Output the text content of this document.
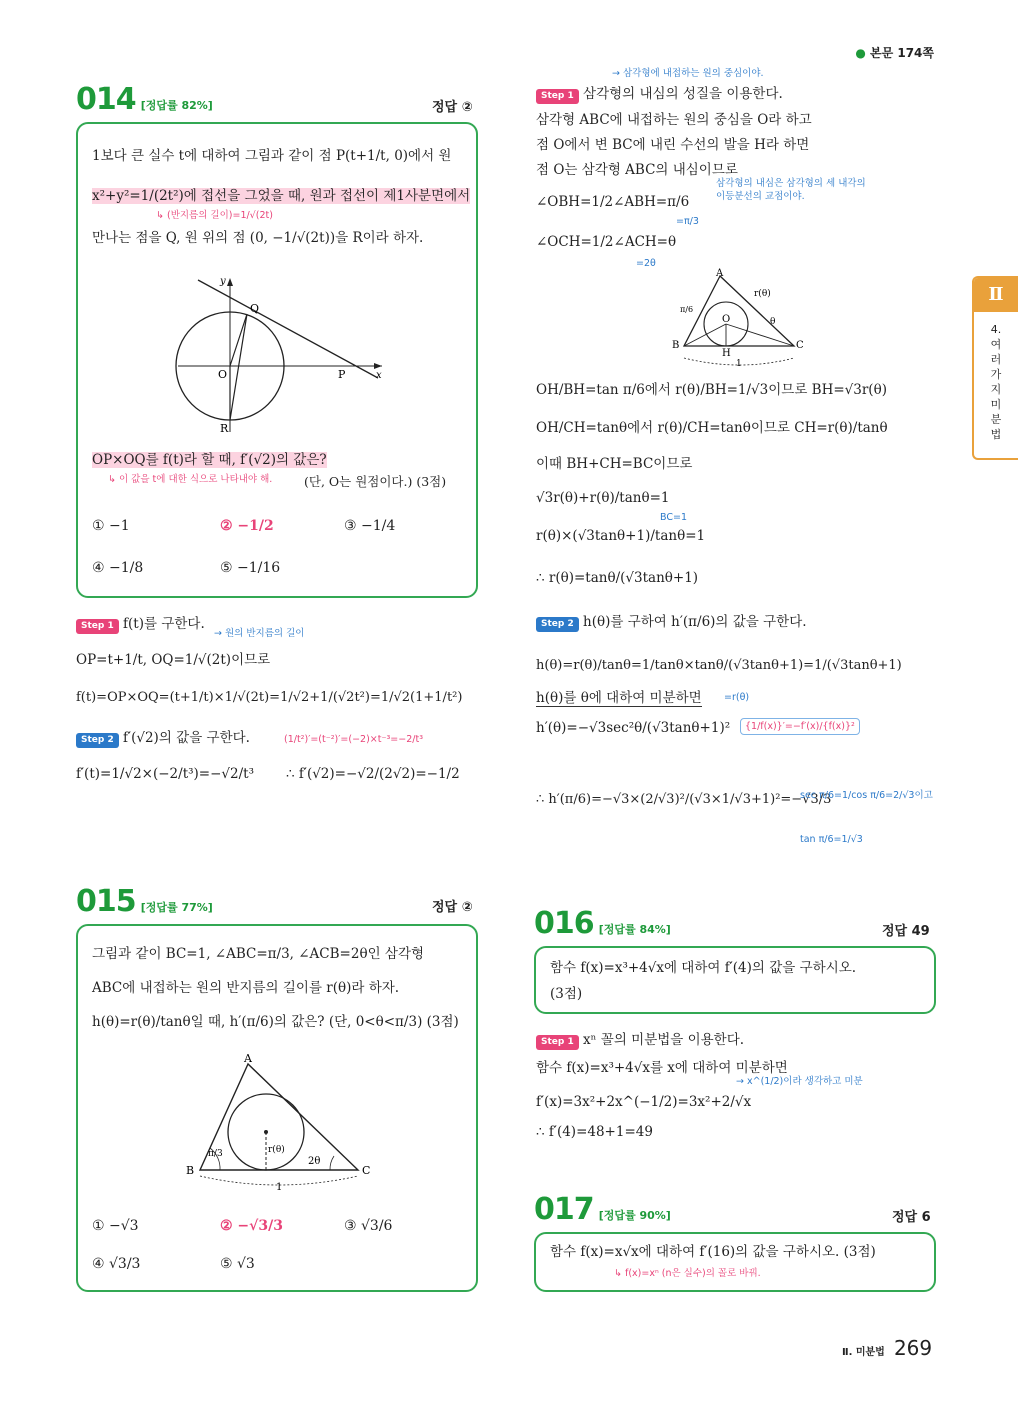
● 본문 174쪽
Ⅱ
4.여러가지미분법
014 [정답률 82%]	정답 ②
1보다 큰 실수 t에 대하여 그림과 같이 점 P(t+1/t, 0)에서 원
x²+y²=1/(2t²)에 접선을 그었을 때, 원과 접선이 제1사분면에서
↳ (반지름의 길이)=1/√(2t)
만나는 점을 Q, 원 위의 점 (0, −1/√(2t))을 R이라 하자.
y
x
O	P
Q
R
OP×OQ를 f(t)라 할 때, f′(√2)의 값은?
↳ 이 값을 t에 대한 식으로 나타내야 해.	(단, O는 원점이다.) (3점)
① −1	② −1/2	③ −1/4
④ −1/8	⑤ −1/16
Step 1 f(t)를 구한다.
→ 원의 반지름의 길이
OP=t+1/t, OQ=1/√(2t)이므로
f(t)=OP×OQ=(t+1/t)×1/√(2t)=1/√2+1/(√2t²)=1/√2(1+1/t²)
Step 2 f′(√2)의 값을 구한다.	(1/t²)′=(t⁻²)′=(−2)×t⁻³=−2/t³
f′(t)=1/√2×(−2/t³)=−√2/t³ ∴ f′(√2)=−√2/(2√2)=−1/2
015 [정답률 77%]	정답 ②
그림과 같이 BC=1, ∠ABC=π/3, ∠ACB=2θ인 삼각형
ABC에 내접하는 원의 반지름의 길이를 r(θ)라 하자.
h(θ)=r(θ)/tanθ일 때, h′(π/6)의 값은? (단, 0<θ<π/3) (3점)
A
B	C
π/3
2θ
r(θ)
1
① −√3	② −√3/3	③ √3/6
④ √3/3	⑤ √3
→ 삼각형에 내접하는 원의 중심이야.
Step 1 삼각형의 내심의 성질을 이용한다.
삼각형 ABC에 내접하는 원의 중심을 O라 하고
점 O에서 변 BC에 내린 수선의 발을 H라 하면
점 O는 삼각형 ABC의 내심이므로
삼각형의 내심은 삼각형의 세 내각의
이등분선의 교점이야.
∠OBH=1/2∠ABH=π/6
=π/3
∠OCH=1/2∠ACH=θ
=2θ
A
B	C
O
H
r(θ)
π/6
θ
1
OH/BH=tan π/6에서 r(θ)/BH=1/√3이므로 BH=√3r(θ)
OH/CH=tanθ에서 r(θ)/CH=tanθ이므로 CH=r(θ)/tanθ
이때 BH+CH=BC이므로
√3r(θ)+r(θ)/tanθ=1
BC=1
r(θ)×(√3tanθ+1)/tanθ=1
∴ r(θ)=tanθ/(√3tanθ+1)
Step 2 h(θ)를 구하여 h′(π/6)의 값을 구한다.
h(θ)=r(θ)/tanθ=1/tanθ×tanθ/(√3tanθ+1)=1/(√3tanθ+1)
h(θ)를 θ에 대하여 미분하면 =r(θ)
h′(θ)=−√3sec²θ/(√3tanθ+1)²	{1/f(x)}′=−f′(x)/{f(x)}²
∴ h′(π/6)=−√3×(2/√3)²/(√3×1/√3+1)²=−√3/3
sec π/6=1/cos π/6=2/√3이고
tan π/6=1/√3
016 [정답률 84%]	정답 49
함수 f(x)=x³+4√x에 대하여 f′(4)의 값을 구하시오.
(3점)
Step 1 xⁿ 꼴의 미분법을 이용한다.
함수 f(x)=x³+4√x를 x에 대하여 미분하면
→ x^(1/2)이라 생각하고 미분
f′(x)=3x²+2x^(−1/2)=3x²+2/√x
∴ f′(4)=48+1=49
017 [정답률 90%]	정답 6
함수 f(x)=x√x에 대하여 f′(16)의 값을 구하시오. (3점)
↳ f(x)=xⁿ (n은 실수)의 꼴로 바꿔.
Ⅱ. 미분법 269
